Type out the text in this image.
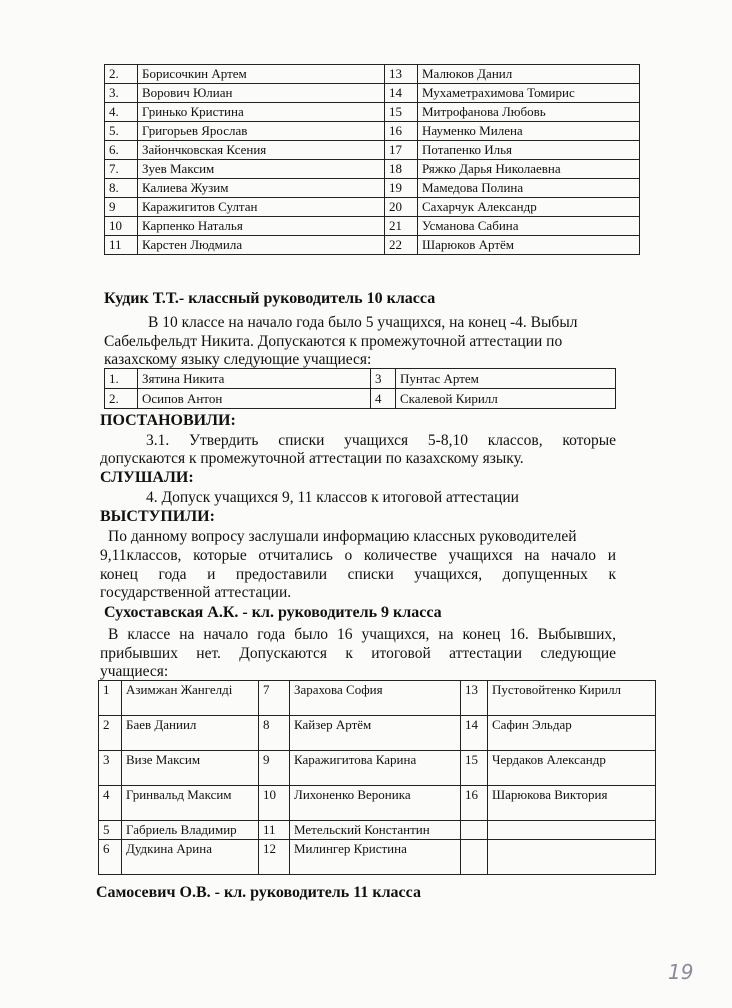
2.	Борисочкин Артем	13	Малюков Данил
3.	Ворович Юлиан	14	Мухаметрахимова Томирис
4.	Гринько Кристина	15	Митрофанова Любовь
5.	Григорьев Ярослав	16	Науменко Милена
6.	Зайончковская Ксения	17	Потапенко Илья
7.	Зуев Максим	18	Ряжко Дарья Николаевна
8.	Калиева Жузим	19	Мамедова Полина
9	Каражигитов Султан	20	Сахарчук Александр
10	Карпенко Наталья	21	Усманова Сабина
11	Карстен Людмила	22	Шарюков Артём

Кудик Т.Т.- классный руководитель 10 класса

В 10 классе на начало года было 5 учащихся, на конец -4. Выбыл

Сабельфельдт Никита. Допускаются к промежуточной аттестации по

казахскому языку следующие учащиеся:

1.	Зятина Никита	3	Пунтас Артем
2.	Осипов Антон	4	Скалевой Кирилл

ПОСТАНОВИЛИ:

3.1. Утвердить списки учащихся 5-8,10 классов, которые

допускаются к промежуточной аттестации по казахскому языку.

СЛУШАЛИ:

4. Допуск учащихся 9, 11 классов к итоговой аттестации

ВЫСТУПИЛИ:

По данному вопросу заслушали информацию классных руководителей

9,11классов, которые отчитались о количестве учащихся на начало и

конец года и предоставили списки учащихся, допущенных к

государственной аттестации.

Сухоставская А.К. - кл. руководитель 9 класса

В классе на начало года было 16 учащихся, на конец 16. Выбывших,

прибывших нет. Допускаются к итоговой аттестации следующие

учащиеся:

1	Азимжан Жангелді	7	Зарахова София	13	Пустовойтенко Кирилл
2	Баев Даниил	8	Кайзер Артём	14	Сафин Эльдар
3	Визе Максим	9	Каражигитова Карина	15	Чердаков Александр
4	Гринвальд Максим	10	Лихоненко Вероника	16	Шарюкова Виктория
5	Габриель Владимир	11	Метельский Константин		
6	Дудкина Арина	12	Милингер Кристина		

Самосевич О.В. - кл. руководитель 11 класса

19
